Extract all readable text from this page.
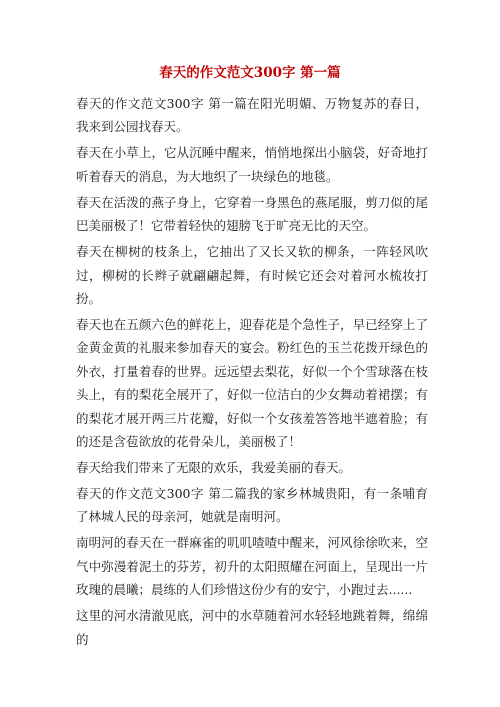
春天的作文范文300字 第一篇

春天的作文范文300字 第一篇在阳光明媚、万物复苏的春日，我来到公园找春天。

春天在小草上，它从沉睡中醒来，悄悄地探出小脑袋，好奇地打听着春天的消息，为大地织了一块绿色的地毯。

春天在活泼的燕子身上，它穿着一身黑色的燕尾服，剪刀似的尾巴美丽极了！它带着轻快的翅膀飞于旷亮无比的天空。

春天在柳树的枝条上，它抽出了又长又软的柳条，一阵轻风吹过，柳树的长辫子就翩翩起舞，有时候它还会对着河水梳妆打扮。

春天也在五颜六色的鲜花上，迎春花是个急性子，早已经穿上了金黄金黄的礼服来参加春天的宴会。粉红色的玉兰花拨开绿色的外衣，打量着春的世界。远远望去梨花，好似一个个雪球落在枝头上，有的梨花全展开了，好似一位洁白的少女舞动着裙摆；有的梨花才展开两三片花瓣，好似一个女孩羞答答地半遮着脸；有的还是含苞欲放的花骨朵儿，美丽极了！

春天给我们带来了无限的欢乐，我爱美丽的春天。

春天的作文范文300字 第二篇我的家乡林城贵阳，有一条哺育了林城人民的母亲河，她就是南明河。

南明河的春天在一群麻雀的叽叽喳喳中醒来，河风徐徐吹来，空气中弥漫着泥土的芬芳，初升的太阳照耀在河面上，呈现出一片玫瑰的晨曦；晨练的人们珍惜这份少有的安宁，小跑过去......

这里的河水清澈见底，河中的水草随着河水轻轻地跳着舞，绵绵的
